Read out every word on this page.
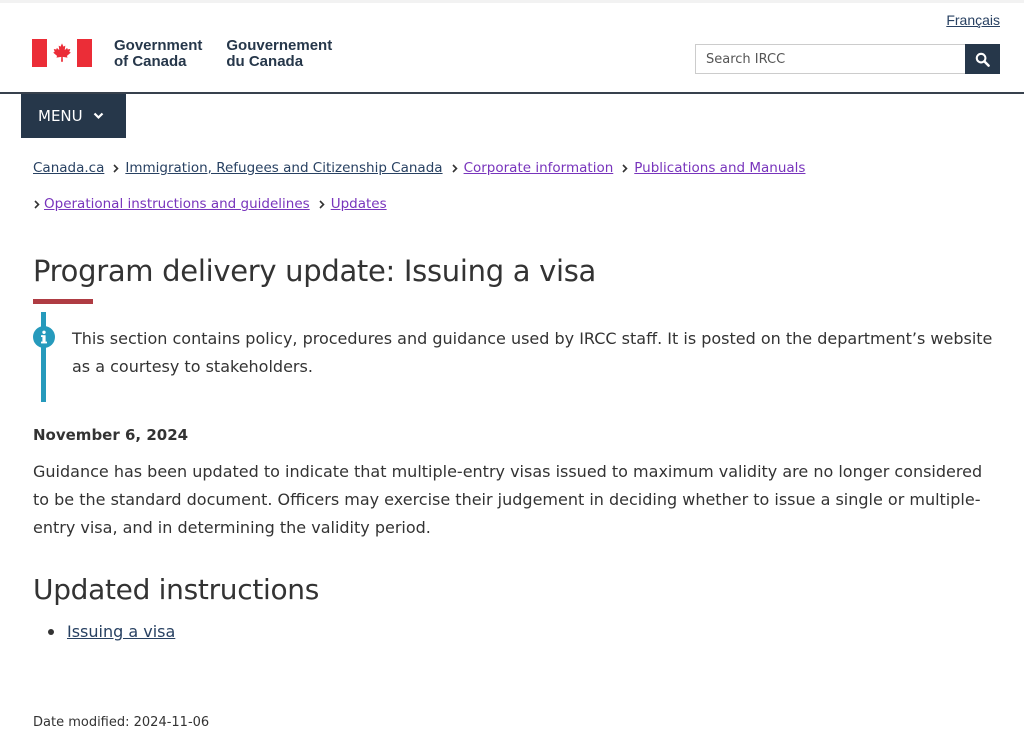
Français
Government
of Canada
Gouvernement
du Canada
Search IRCC
MENU
Canada.ca Immigration, Refugees and Citizenship Canada Corporate information Publications and Manuals
Operational instructions and guidelines Updates
Program delivery update: Issuing a visa

This section contains policy, procedures and guidance used by IRCC staff. It is posted on the department’s website as a courtesy to stakeholders.

November 6, 2024

Guidance has been updated to indicate that multiple-entry visas issued to maximum validity are no longer considered to be the standard document. Officers may exercise their judgement in deciding whether to issue a single or multiple-entry visa, and in determining the validity period.

Updated instructions
Issuing a visa
Date modified: 2024-11-06
